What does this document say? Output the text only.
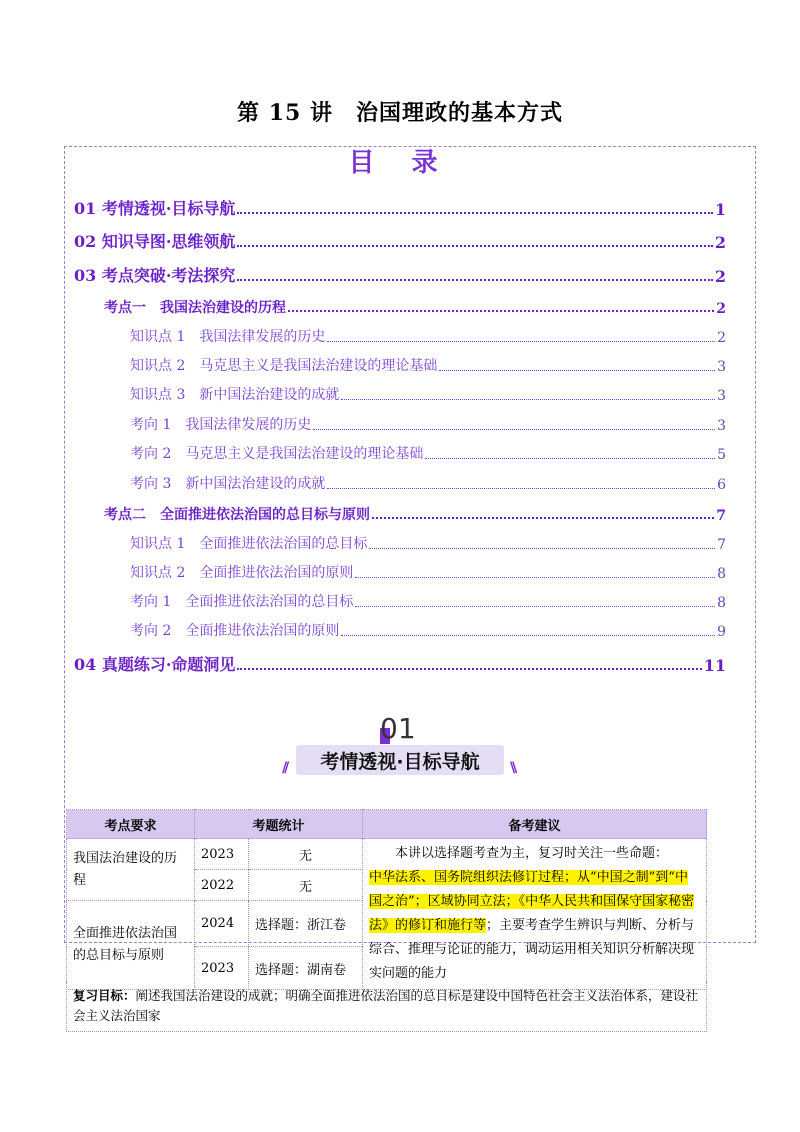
第 15 讲　治国理政的基本方式
目 录
01 考情透视·目标导航	1
02 知识导图·思维领航	2
03 考点突破·考法探究	2
考点一　我国法治建设的历程	2
知识点 1　我国法律发展的历史	2
知识点 2　马克思主义是我国法治建设的理论基础	3
知识点 3　新中国法治建设的成就	3
考向 1　我国法律发展的历史	3
考向 2　马克思主义是我国法治建设的理论基础	5
考向 3　新中国法治建设的成就	6
考点二　全面推进依法治国的总目标与原则	7
知识点 1　全面推进依法治国的总目标	7
知识点 2　全面推进依法治国的原则	8
考向 1　全面推进依法治国的总目标	8
考向 2　全面推进依法治国的原则	9
04 真题练习·命题洞见	11
01
//	考情透视·目标导航	\\
考点要求	考题统计		备考建议
我国法治建设的历程	2023	无	本讲以选择题考查为主，复习时关注一些命题：
中华法系、国务院组织法修订过程；从“中国之制”到“中国之治”；区域协同立法；《中华人民共和国保守国家秘密法》的修订和施行等；主要考查学生辨识与判断、分析与综合、推理与论证的能力，调动运用相关知识分析解决现实问题的能力
	2022	无	
全面推进依法治国的总目标与原则	2024	选择题：浙江卷	
	2023	选择题：湖南卷	
复习目标：阐述我国法治建设的成就；明确全面推进依法治国的总目标是建设中国特色社会主义法治体系，建设社会主义法治国家
